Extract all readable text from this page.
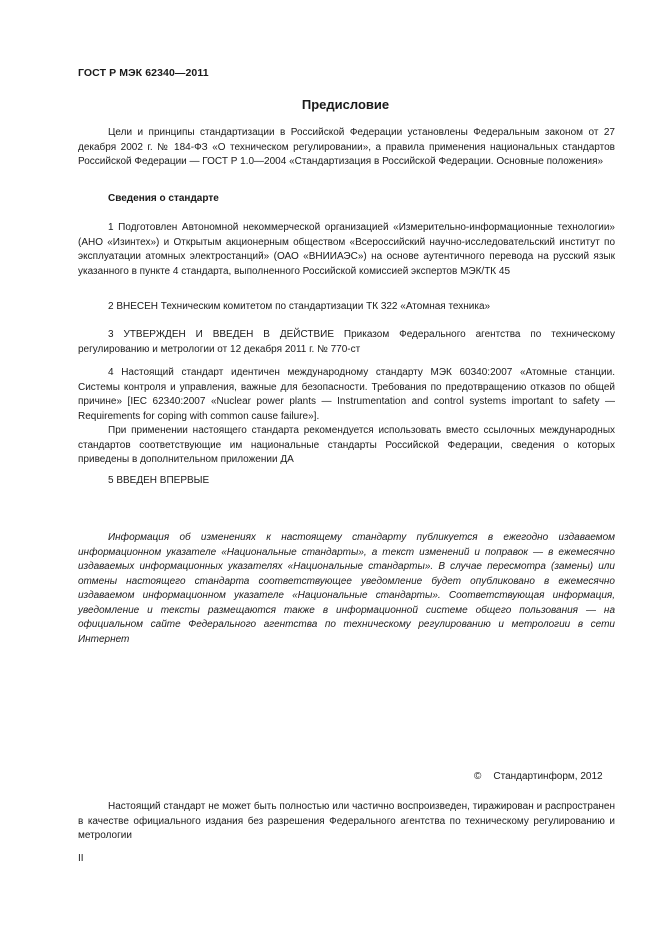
ГОСТ Р МЭК 62340—2011
Предисловие

Цели и принципы стандартизации в Российской Федерации установлены Федеральным законом от 27 декабря 2002 г. № 184-ФЗ «О техническом регулировании», а правила применения национальных стандартов Российской Федерации — ГОСТ Р 1.0—2004 «Стандартизация в Российской Федерации. Основные положения»

Сведения о стандарте

1 Подготовлен Автономной некоммерческой организацией «Измерительно-информационные технологии» (АНО «Изинтех») и Открытым акционерным обществом «Всероссийский научно-исследовательский институт по эксплуатации атомных электростанций» (ОАО «ВНИИАЭС») на основе аутентичного перевода на русский язык указанного в пункте 4 стандарта, выполненного Российской комиссией экспертов МЭК/ТК 45

2 ВНЕСЕН Техническим комитетом по стандартизации ТК 322 «Атомная техника»

3 УТВЕРЖДЕН И ВВЕДЕН В ДЕЙСТВИЕ Приказом Федерального агентства по техническому регулированию и метрологии от 12 декабря 2011 г. № 770-ст

4 Настоящий стандарт идентичен международному стандарту МЭК 60340:2007 «Атомные станции. Системы контроля и управления, важные для безопасности. Требования по предотвращению отказов по общей причине» [IEC 62340:2007 «Nuclear power plants — Instrumentation and control systems important to safety — Requirements for coping with common cause failure»].

При применении настоящего стандарта рекомендуется использовать вместо ссылочных международных стандартов соответствующие им национальные стандарты Российской Федерации, сведения о которых приведены в дополнительном приложении ДА

5 ВВЕДЕН ВПЕРВЫЕ

Информация об изменениях к настоящему стандарту публикуется в ежегодно издаваемом информационном указателе «Национальные стандарты», а текст изменений и поправок — в ежемесячно издаваемых информационных указателях «Национальные стандарты». В случае пересмотра (замены) или отмены настоящего стандарта соответствующее уведомление будет опубликовано в ежемесячно издаваемом информационном указателе «Национальные стандарты». Соответствующая информация, уведомление и тексты размещаются также в информационной системе общего пользования — на официальном сайте Федерального агентства по техническому регулированию и метрологии в сети Интернет

© Стандартинформ, 2012

Настоящий стандарт не может быть полностью или частично воспроизведен, тиражирован и распространен в качестве официального издания без разрешения Федерального агентства по техническому регулированию и метрологии

II
